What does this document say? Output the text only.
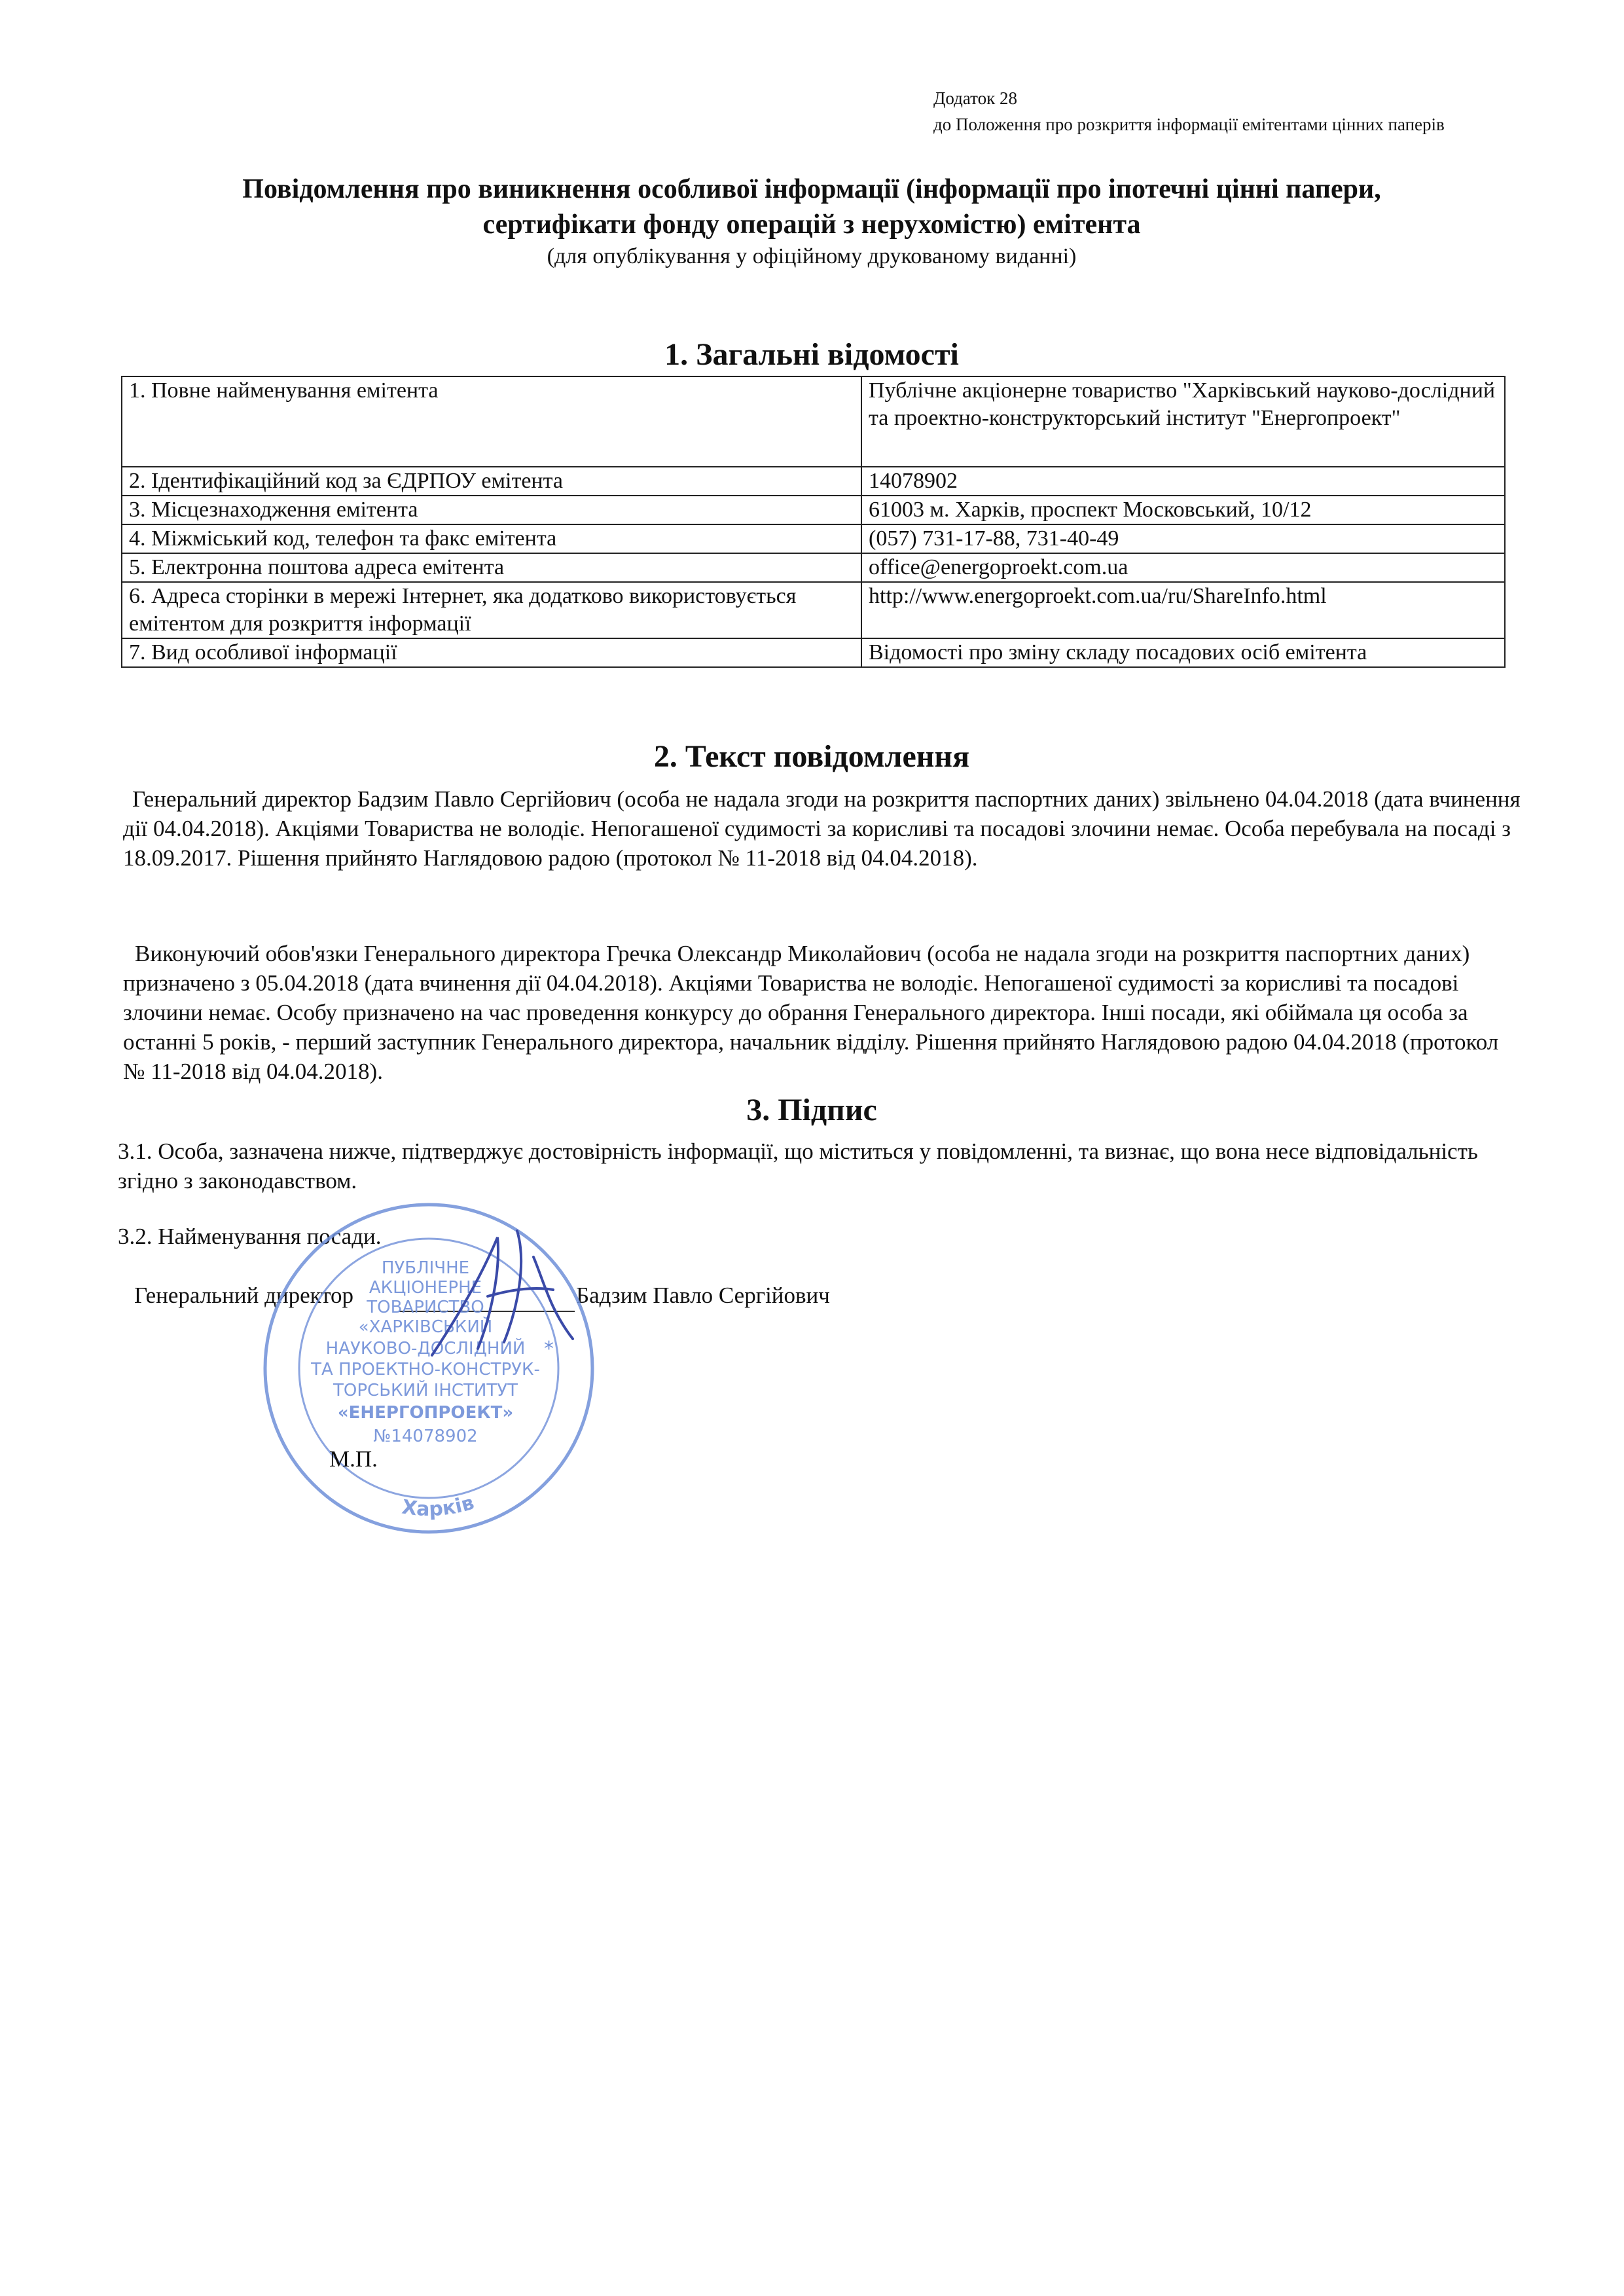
Додаток 28
до Положення про розкриття інформації емітентами цінних паперів
Повідомлення про виникнення особливої інформації (інформації про іпотечні цінні папери,
сертифікати фонду операцій з нерухомістю) емітента
(для опублікування у офіційному друкованому виданні)
1. Загальні відомості
1. Повне найменування емітента	Публічне акціонерне товариство "Харківський науково-дослідний та проектно-конструкторський інститут "Енергопроект"
2. Ідентифікаційний код за ЄДРПОУ емітента	14078902
3. Місцезнаходження емітента	61003 м. Харків, проспект Московський, 10/12
4. Міжміський код, телефон та факс емітента	(057) 731-17-88, 731-40-49
5. Електронна поштова адреса емітента	office@energoproekt.com.ua
6. Адреса сторінки в мережі Інтернет, яка додатково використовується емітентом для розкриття інформації	http://www.energoproekt.com.ua/ru/ShareInfo.html
7. Вид особливої інформації	Відомості про зміну складу посадових осіб емітента
2. Текст повідомлення
Генеральний директор Бадзим Павло Сергійович (особа не надала згоди на розкриття паспортних даних) звільнено 04.04.2018 (дата вчинення дії 04.04.2018). Акціями Товариства не володіє. Непогашеної судимості за корисливі та посадові злочини немає. Особа перебувала на посаді з 18.09.2017. Рішення прийнято Наглядовою радою (протокол № 11-2018 від 04.04.2018).
Виконуючий обов'язки Генерального директора Гречка Олександр Миколайович (особа не надала згоди на розкриття паспортних даних) призначено з 05.04.2018 (дата вчинення дії 04.04.2018). Акціями Товариства не володіє. Непогашеної судимості за корисливі та посадові злочини немає. Особу призначено на час проведення конкурсу до обрання Генерального директора. Інші посади, які обіймала ця особа за останні 5 років, - перший заступник Генерального директора, начальник відділу. Рішення прийнято Наглядовою радою 04.04.2018 (протокол № 11-2018 від 04.04.2018).
3. Підпис
3.1. Особа, зазначена нижче, підтверджує достовірність інформації, що міститься у повідомленні, та визнає, що вона несе відповідальність згідно з законодавством.
3.2. Найменування посади.
Генеральний директор	Бадзим Павло Сергійович
Харків
*
ПУБЛІЧНЕ
АКЦІОНЕРНЕ
ТОВАРИСТВО
«ХАРКІВСЬКИЙ
НАУКОВО-ДОСЛІДНИЙ
ТА ПРОЕКТНО-КОНСТРУК-
ТОРСЬКИЙ ІНСТИТУТ
«ЕНЕРГОПРОЕКТ»
№14078902
М.П.
